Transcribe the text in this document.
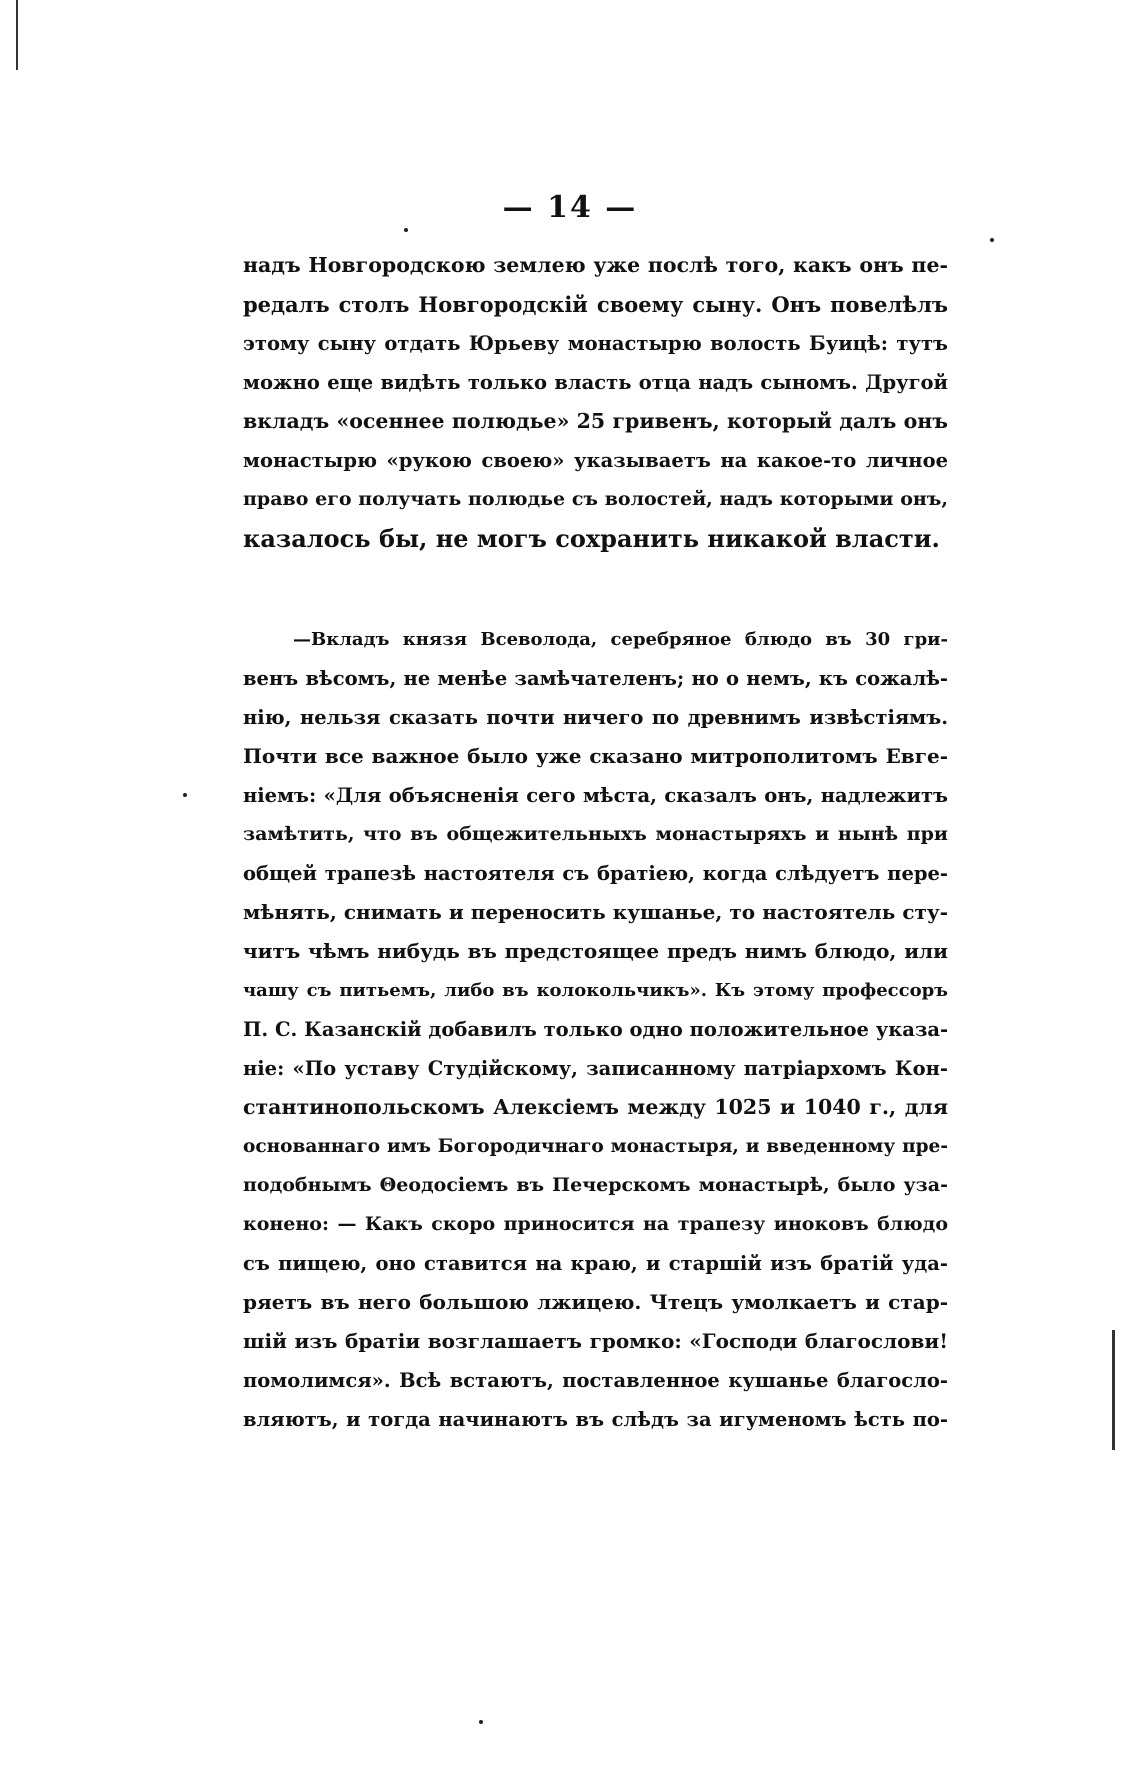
— 14 —
надъ Новгородскою землею уже послѣ того, какъ онъ пе-
редалъ столъ Новгородскій своему сыну. Онъ повелѣлъ
этому сыну отдать Юрьеву монастырю волость Буицѣ: тутъ
можно еще видѣть только власть отца надъ сыномъ. Другой
вкладъ «осеннее полюдье» 25 гривенъ, который далъ онъ
монастырю «рукою своею» указываетъ на какое-то личное
право его получать полюдье съ волостей, надъ которыми онъ,
казалось бы, не могъ сохранить никакой власти.
—Вкладъ князя Всеволода, серебряное блюдо въ 30 гри-
венъ вѣсомъ, не менѣе замѣчателенъ; но о немъ, къ сожалѣ-
нію, нельзя сказать почти ничего по древнимъ извѣстіямъ.
Почти все важное было уже сказано митрополитомъ Евге-
ніемъ: «Для объясненія сего мѣста, сказалъ онъ, надлежитъ
замѣтить, что въ общежительныхъ монастыряхъ и нынѣ при
общей трапезѣ настоятеля съ братіею, когда слѣдуетъ пере-
мѣнять, снимать и переносить кушанье, то настоятель сту-
читъ чѣмъ нибудь въ предстоящее предъ нимъ блюдо, или
чашу съ питьемъ, либо въ колокольчикъ». Къ этому профессоръ
П. С. Казанскій добавилъ только одно положительное указа-
ніе: «По уставу Студійскому, записанному патріархомъ Кон-
стантинопольскомъ Алексіемъ между 1025 и 1040 г., для
основаннаго имъ Богородичнаго монастыря, и введенному пре-
подобнымъ Θеодосіемъ въ Печерскомъ монастырѣ, было уза-
конено: — Какъ скоро приносится на трапезу иноковъ блюдо
съ пищею, оно ставится на краю, и старшій изъ братій уда-
ряетъ въ него большою лжицею. Чтецъ умолкаетъ и стар-
шій изъ братіи возглашаетъ громко: «Господи благослови!
помолимся». Всѣ встаютъ, поставленное кушанье благосло-
вляютъ, и тогда начинаютъ въ слѣдъ за игуменомъ ѣсть по-
